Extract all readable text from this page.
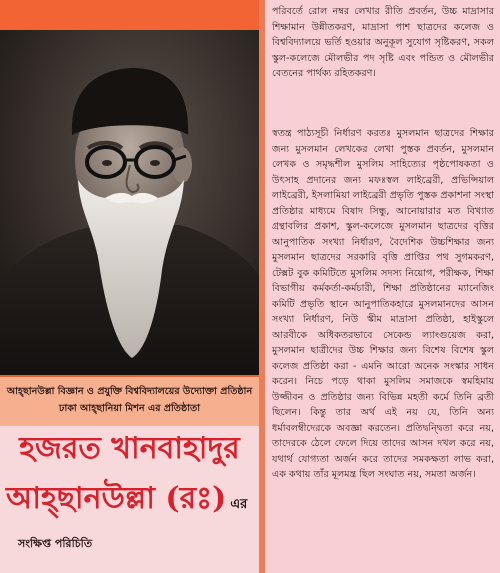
আহ্ছানউল্লা বিজ্ঞান ও প্রযুক্তি বিশ্ববিদ্যালয়ের উদ্যোক্তা প্রতিষ্ঠান
ঢাকা আহ্ছানিয়া মিশন এর প্রতিষ্ঠাতা
হজরত খানবাহাদুর
আহ্ছানউল্লা (রঃ) এর
সংক্ষিপ্ত পরিচিতি

পরিবর্তে রোল নম্বর লেখার রীতি প্রবর্তন, উচ্চ মাদ্রাসার শিক্ষামান উন্নীতকরণ, মাদ্রাসা পাশ ছাত্রদের কলেজ ও বিশ্ববিদ্যালয়ে ভর্তি হওয়ার অনুকূল সুযোগ সৃষ্টিকরণ, সকল স্কুল-কলেজে মৌলভীর পদ সৃষ্টি এবং পন্ডিত ও মৌলভীর বেতনের পার্থক্য রহিতকরণ।

স্বতন্ত্র পাঠ্যসূচী নির্ধারণ করতঃ মুসলমান ছাত্রদের শিক্ষার জন্য মুসলমান লেখকের লেখা পুস্তক প্রবর্তন, মুসলমান লেখক ও সমৃদ্ধশীল মুসলিম সাহিত্যের পৃষ্ঠপোষকতা ও উৎসাহ প্রদানের জন্য মফঃস্বল লাইব্রেরী, প্রভিন্সিয়াল লাইব্রেরী, ইসলামিয়া লাইব্রেরী প্রভৃতি পুস্তক প্রকাশনা সংস্থা প্রতিষ্ঠার মাধ্যমে বিষাদ সিন্ধু, আনোয়ারার মত বিখ্যাত গ্রন্থাবলির প্রকাশ, স্কুল-কলেজে মুসলমান ছাত্রদের বৃত্তির আনুপাতিক সংখ্যা নির্ধারণ, বৈদেশিক উচ্চশিক্ষার জন্য মুসলমান ছাত্রদের সরকারি বৃত্তি প্রাপ্তির পথ সুগমকরণ, টেক্সট বুক কমিটিতে মুসলিম সদস্য নিয়োগ, পরীক্ষক, শিক্ষা বিভাগীয় কর্মকর্তা-কর্মচারী, শিক্ষা প্রতিষ্ঠানের ম্যানেজিং কমিটি প্রভৃতি স্থানে আনুপাতিকহারে মুসলমানদের আসন সংখ্যা নির্ধারণ, নিউ স্কীম মাদ্রাসা প্রতিষ্ঠা, হাইস্কুলে আরবীকে অধিকতরভাবে সেকেন্ড ল্যাংগুয়েজ করা, মুসলমান ছাত্রীদের উচ্চ শিক্ষার জন্য বিশেষ বিশেষ স্কুল কলেজ প্রতিষ্ঠা করা - এমনি আরো অনেক সংস্কার সাধন করেন। নিচে পড়ে থাকা মুসলিম সমাজকে স্বমহিমায় উজ্জীবন ও প্রতিষ্ঠার জন্য বিভিন্ন মহতী কর্মে তিনি ব্রতী ছিলেন। কিন্তু তার অর্থ এই নয় যে, তিনি অন্য ধর্মাবলম্বীদেরকে অবজ্ঞা করতেন। প্রতিদ্বন্দ্বিতা করে নয়, তাদেরকে ঠেলে ফেলে দিয়ে তাদের আসন দখল করে নয়, যথার্থ যোগ্যতা অর্জন করে তাদের সমকক্ষতা লাভ করা, এক কথায় তাঁর মূলমন্ত্র ছিল সংঘাত নয়, সমতা অর্জন।
